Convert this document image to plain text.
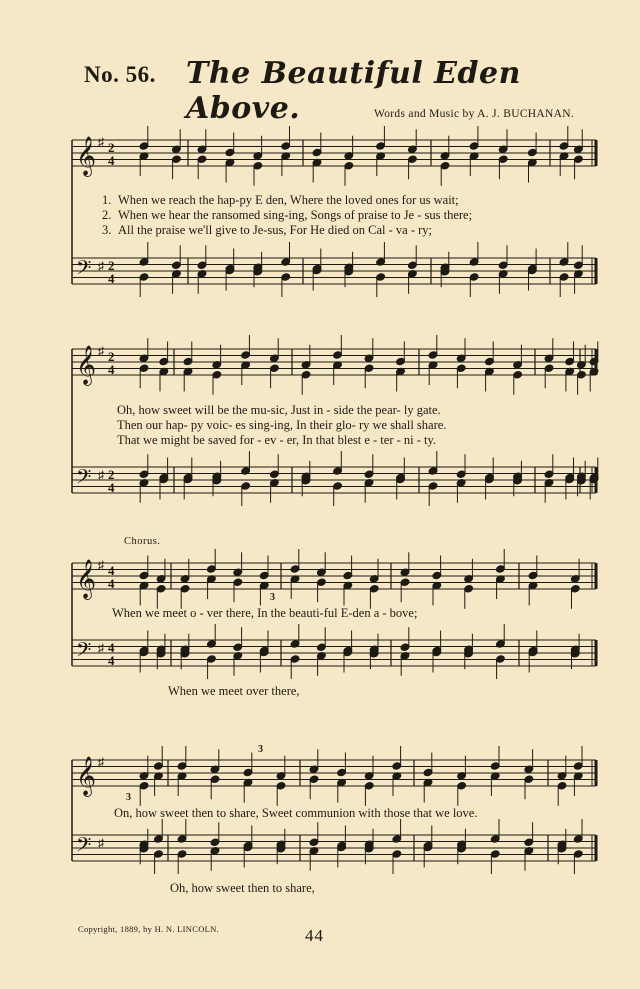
No. 56. The Beautiful Eden Above.	Words and Music by A. J. BUCHANAN.
𝄞
𝄢
♯
♯
2
4
2
4
𝄞
𝄢
♯
♯
2
4
2
4
𝄞
𝄢
♯
♯
4
4
4
4
𝄞
𝄢
♯
♯
3
3
3
1. When we reach the hap-py E den, Where the loved ones for us wait;
2. When we hear the ransomed sing-ing, Songs of praise to Je - sus there;
3. All the praise we'll give to Je-sus, For He died on Cal - va - ry;
Oh, how sweet will be the mu-sic, Just in - side the pear- ly gate.
Then our hap- py voic- es sing-ing, In their glo- ry we shall share.
That we might be saved for - ev - er, In that blest e - ter - ni - ty.
Chorus.
When we meet o - ver there, In the beauti-ful E-den a - bove;
When we meet over there,
On, how sweet then to share, Sweet communion with those that we love.
Oh, how sweet then to share,
Copyright, 1889, by H. N. LINCOLN.	44
